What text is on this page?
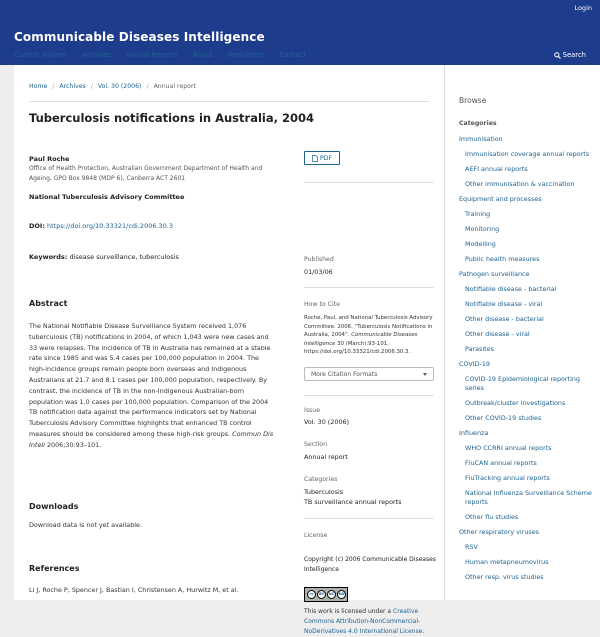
Login
Communicable Diseases Intelligence
Current volume Archives Annual Reports About Newsletter Contact	Search
Home / Archives / Vol. 30 (2006) / Annual report
Tuberculosis notifications in Australia, 2004
Paul Roche
Office of Health Protection, Australian Government Department of Health and Ageing, GPO Box 9848 (MDP 6), Canberra ACT 2601
National Tuberculosis Advisory Committee
DOI: https://doi.org/10.33321/cdi.2006.30.3
Keywords: disease surveillance, tuberculosis
Abstract

The National Notifiable Disease Surveillance System received 1,076 tuberculosis (TB) notifications in 2004, of which 1,043 were new cases and 33 were relapses. The incidence of TB in Australia has remained at a stable rate since 1985 and was 5.4 cases per 100,000 population in 2004. The high-incidence groups remain people born overseas and Indigenous Australians at 21.7 and 8.1 cases per 100,000 population, respectively. By contrast, the incidence of TB in the non-Indigenous Australian-born population was 1.0 cases per 100,000 population. Comparison of the 2004 TB notification data against the performance indicators set by National Tuberculosis Advisory Committee highlights that enhanced TB control measures should be considered among these high-risk groups. Commun Dis Intell 2006;30:93–101.

Downloads
Download data is not yet available.
References
Li J, Roche P, Spencer J, Bastian I, Christensen A, Hurwitz M, et al.
PDF
Published
01/03/06
How to Cite
Roche, Paul, and National Tuberculosis Advisory Committee. 2006. “Tuberculosis Notifications in Australia, 2004”. Communicable Diseases Intelligence 30 (March):93-101. https://doi.org/10.33321/cdi.2006.30.3.
More Citation Formats
Issue
Vol. 30 (2006)
Section
Annual report
Categories
Tuberculosis
TB surveillance annual reports
License
Copyright (c) 2006 Communicable Diseases Intelligence
cc	BY	NC	ND
This work is licensed under a Creative Commons Attribution-NonCommercial-NoDerivatives 4.0 International License.
Browse
Categories
Immunisation
Immunisation coverage annual reports
AEFI annual reports
Other immunisation & vaccination
Equipment and processes
Training
Monitoring
Modelling
Public health measures
Pathogen surveillance
Notifiable disease - bacterial
Notifiable disease - viral
Other disease - bacterial
Other disease - viral
Parasites
COVID-19
COVID-19 Epidemiological reporting series
Outbreak/cluster investigations
Other COVID-19 studies
Influenza
WHO CCRRI annual reports
FluCAN annual reports
FluTracking annual reports
National Influenza Surveillance Scheme reports
Other flu studies
Other respiratory viruses
RSV
Human metapneumovirus
Other resp. virus studies
